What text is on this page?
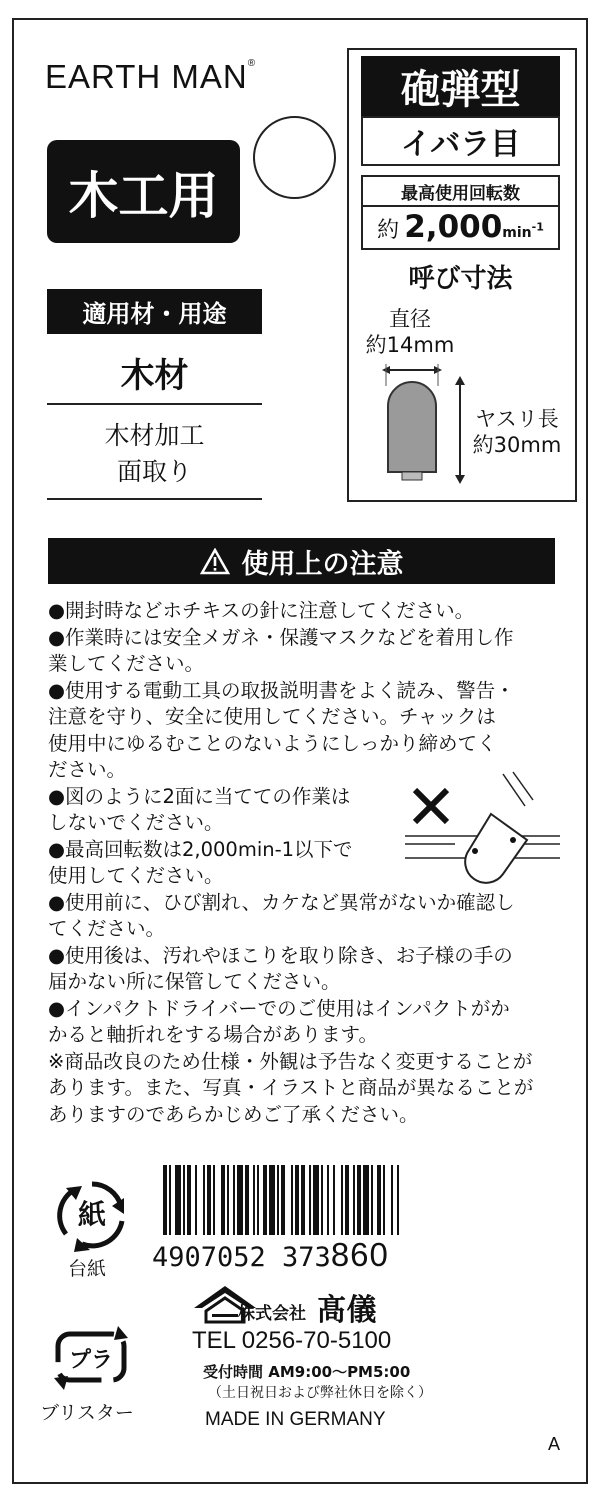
EARTH MAN®
木工用
適用材・用途
木材
木材加工
面取り
砲弾型
イバラ目
最高使用回転数
約 $2,000\min^{-1}$
呼び寸法
直径
約14mm
ヤスリ長
約30mm
使用上の注意
●開封時などホチキスの針に注意してください。
●作業時には安全メガネ・保護マスクなどを着用し作
業してください。
●使用する電動工具の取扱説明書をよく読み、警告・
注意を守り、安全に使用してください。チャックは
使用中にゆるむことのないようにしっかり締めてく
ださい。
●図のように2面に当てての作業は
しないでください。
●最高回転数は2,000min-1以下で
使用してください。
●使用前に、ひび割れ、カケなど異常がないか確認し
てください。
●使用後は、汚れやほこりを取り除き、お子様の手の
届かない所に保管してください。
●インパクトドライバーでのご使用はインパクトがか
かると軸折れをする場合があります。
※商品改良のため仕様・外観は予告なく変更することが
あります。また、写真・イラストと商品が異なることが
ありますのであらかじめご了承ください。
紙
台紙
プラ
ブリスター
4907052 373860
株式会社 髙儀
TEL 0256-70-5100
受付時間 AM9:00〜PM5:00
（土日祝日および弊社休日を除く）
MADE IN GERMANY
A
